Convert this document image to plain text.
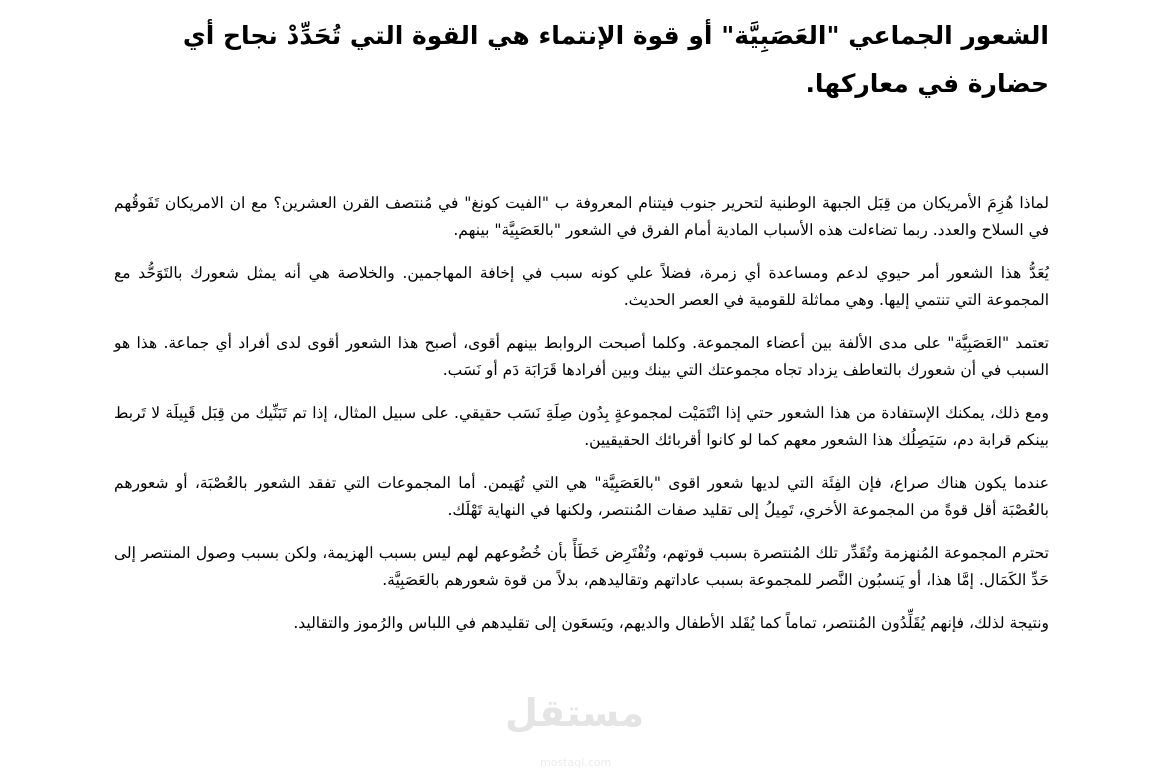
الشعور الجماعي "العَصَبِيَّة" أو قوة الإنتماء هي القوة التي تُحَدِّدْ نجاح أي حضارة في معاركها.

لماذا هُزِمَ الأمريكان من قِبَل الجبهة الوطنية لتحرير جنوب فيتنام المعروفة ب "الفيت كونغ" في مُنتصف القرن العشرين؟ مع ان الامريكان تَفَوقُهم في السلاح والعدد. ربما تضاءلت هذه الأسباب المادية أمام الفرق في الشعور "بالعَصَبِيَّة" بينهم.

يُعَدُّ هذا الشعور أمر حيوي لدعم ومساعدة أي زمرة، فضلاً علي كونه سبب في إخافة المهاجمين. والخلاصة هي أنه يمثل شعورك بالتَوَحُّد مع المجموعة التي تنتمي إليها. وهي مماثلة للقومية في العصر الحديث.

تعتمد "العَصَبِيَّة" على مدى الألفة بين أعضاء المجموعة. وكلما أصبحت الروابط بينهم أقوى، أصبح هذا الشعور أقوى لدى أفراد أي جماعة. هذا هو السبب في أن شعورك بالتعاطف يزداد تجاه مجموعتك التي بينك وبين أفرادها قَرَابَة دَم أو نَسَب.

ومع ذلك، يمكنك الإستفادة من هذا الشعور حتي إذا انْتَمَيْت لمجموعةٍ بِدُون صِلَةِ نَسَب حقيقي. على سبيل المثال، إذا تم تَبَنِّيك من قِبَل قَبِيلَة لا تَربط بينكم قرابة دم، سَيَصِلُك هذا الشعور معهم كما لو كانوا أقربائك الحقيقيين.

عندما يكون هناك صراع، فإن الفِئَة التي لديها شعور اقوى "بالعَصَبِيَّة" هي التي تُهَيمن. أما المجموعات التي تفقد الشعور بالعُصْبَة، أو شعورهم بالعُصْبَة أقل قوةً من المجموعة الأخري، تَمِيلُ إلى تقليد صفات المُنتصر، ولكنها في النهاية تَهْلَك.

تحترم المجموعة المُنهزمة وتُقَدِّر تلك المُنتصرة بسبب قوتهم، وتُفْتَرِض خَطَأً بأن خُضُوعهم لهم ليس بسبب الهزيمة، ولكن بسبب وصول المنتصر إلى حَدِّ الكَمَال. إمَّا هذا، أو يَنسبُون النَّصر للمجموعة بسبب عاداتهم وتقاليدهم، بدلاً من قوة شعورهم بالعَصَبِيَّة.

ونتيجة لذلك، فإنهم يُقَلِّدُون المُنتصر، تماماً كما يُقَلد الأطفال والديهم، ويَسعَون إلى تقليدهم في اللباس والرُموز والتقاليد.

مستقل
mostaql.com
